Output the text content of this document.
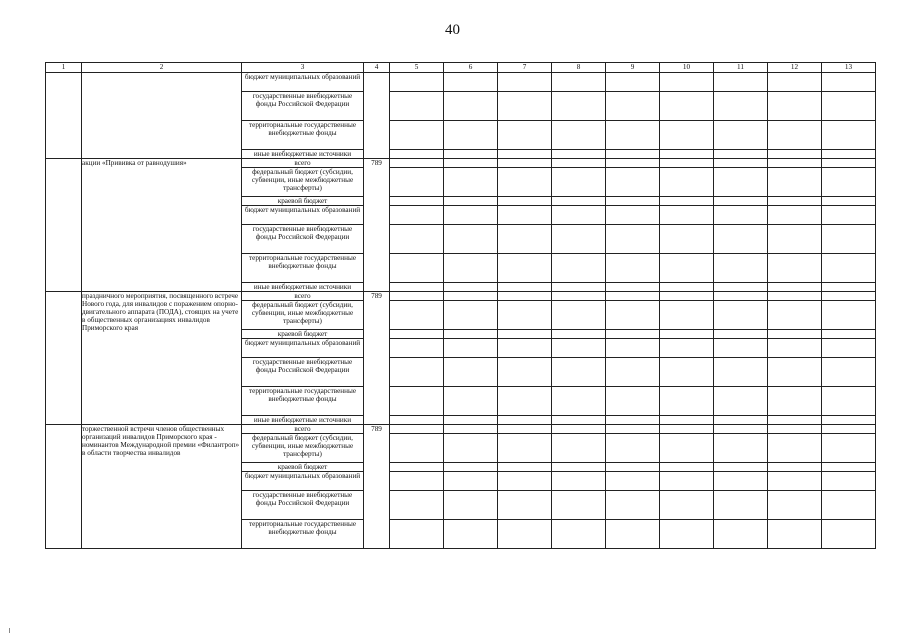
40
1	2	3	4	5	6	7	8	9	10	11	12	13
		бюджет муниципальных образований										
		государственные внебюджетные фонды Российской Федерации										
		территориальные государственные внебюджетные фонды										
		иные внебюджетные источники										
	акции «Прививка от равнодушия»	всего	789									
		федеральный бюджет (субсидии, субвенции, иные межбюджетные трансферты)										
		краевой бюджет										
		бюджет муниципальных образований										
		государственные внебюджетные фонды Российской Федерации										
		территориальные государственные внебюджетные фонды										
		иные внебюджетные источники										
	праздничного мероприятия, посвященного встрече Нового года, для инвалидов с поражением опорно-двигательного аппарата (ПОДА), стоящих на учете в общественных организациях инвалидов Приморского края	всего	789									
		федеральный бюджет (субсидии, субвенции, иные межбюджетные трансферты)										
		краевой бюджет										
		бюджет муниципальных образований										
		государственные внебюджетные фонды Российской Федерации										
		территориальные государственные внебюджетные фонды										
		иные внебюджетные источники										
	торжественной встречи членов общественных организаций инвалидов Приморского края - номинантов Международной премии «Филантроп» в области творчества инвалидов	всего	789									
		федеральный бюджет (субсидии, субвенции, иные межбюджетные трансферты)										
		краевой бюджет										
		бюджет муниципальных образований										
		государственные внебюджетные фонды Российской Федерации										
		территориальные государственные внебюджетные фонды										
